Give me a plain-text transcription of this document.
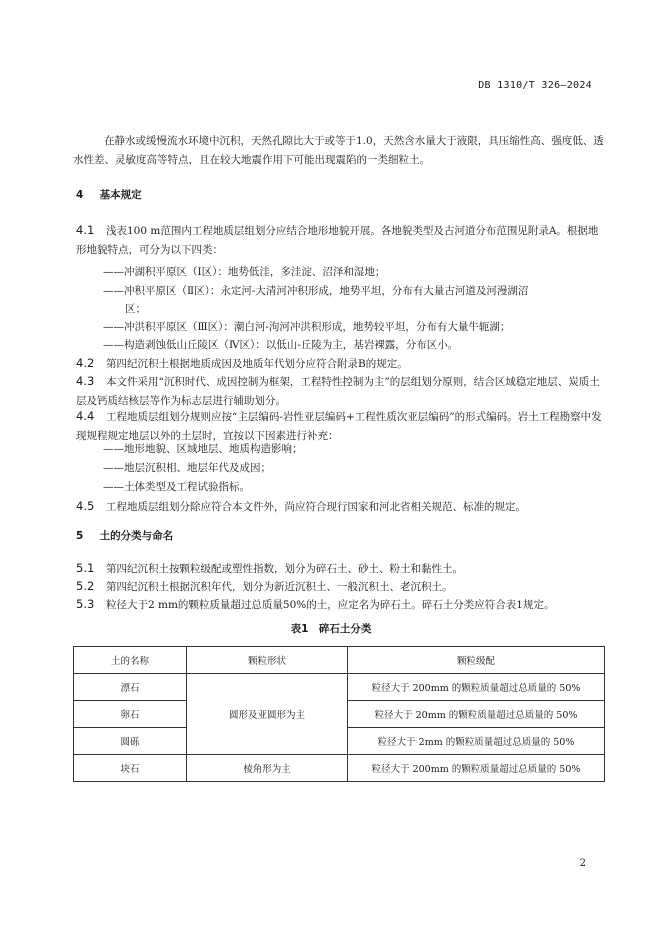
DB 1310/T 326—2024

在静水或缓慢流水环境中沉积，天然孔隙比大于或等于1.0，天然含水量大于液限，具压缩性高、强度低、透水性差、灵敏度高等特点，且在较大地震作用下可能出现震陷的一类细粒土。

4 基本规定

4.1 浅表100 m范围内工程地质层组划分应结合地形地貌开展。各地貌类型及古河道分布范围见附录A。根据地形地貌特点，可分为以下四类：

——冲湖积平原区（Ⅰ区）：地势低洼，多洼淀、沼泽和湿地；
——冲积平原区（Ⅱ区）：永定河-大清河冲积形成，地势平坦，分布有大量古河道及河漫湖沼
区；
——冲洪积平原区（Ⅲ区）：潮白河-泃河冲洪积形成，地势较平坦，分布有大量牛轭湖；
——构造剥蚀低山丘陵区（Ⅳ区）：以低山-丘陵为主，基岩裸露，分布区小。

4.2 第四纪沉积土根据地质成因及地质年代划分应符合附录B的规定。

4.3 本文件采用“沉积时代、成因控制为框架，工程特性控制为主”的层组划分原则，结合区域稳定地层、炭质土层及钙质结核层等作为标志层进行辅助划分。

4.4 工程地质层组划分规则应按“主层编码-岩性亚层编码+工程性质次亚层编码”的形式编码。岩土工程勘察中发现规程规定地层以外的土层时，宜按以下因素进行补充：

——地形地貌、区域地层、地质构造影响；
——地层沉积相、地层年代及成因；
——土体类型及工程试验指标。

4.5 工程地质层组划分除应符合本文件外，尚应符合现行国家和河北省相关规范、标准的规定。

5 土的分类与命名

5.1 第四纪沉积土按颗粒级配或塑性指数，划分为碎石土、砂土、粉土和黏性土。

5.2 第四纪沉积土根据沉积年代，划分为新近沉积土、一般沉积土、老沉积土。

5.3 粒径大于2 mm的颗粒质量超过总质量50%的土，应定名为碎石土。碎石土分类应符合表1规定。

表1　碎石土分类
土的名称	颗粒形状	颗粒级配
漂石	圆形及亚圆形为主	粒径大于 200mm 的颗粒质量超过总质量的 50%
卵石		粒径大于 20mm 的颗粒质量超过总质量的 50%
圆砾		粒径大于 2mm 的颗粒质量超过总质量的 50%
块石	棱角形为主	粒径大于 200mm 的颗粒质量超过总质量的 50%
2
